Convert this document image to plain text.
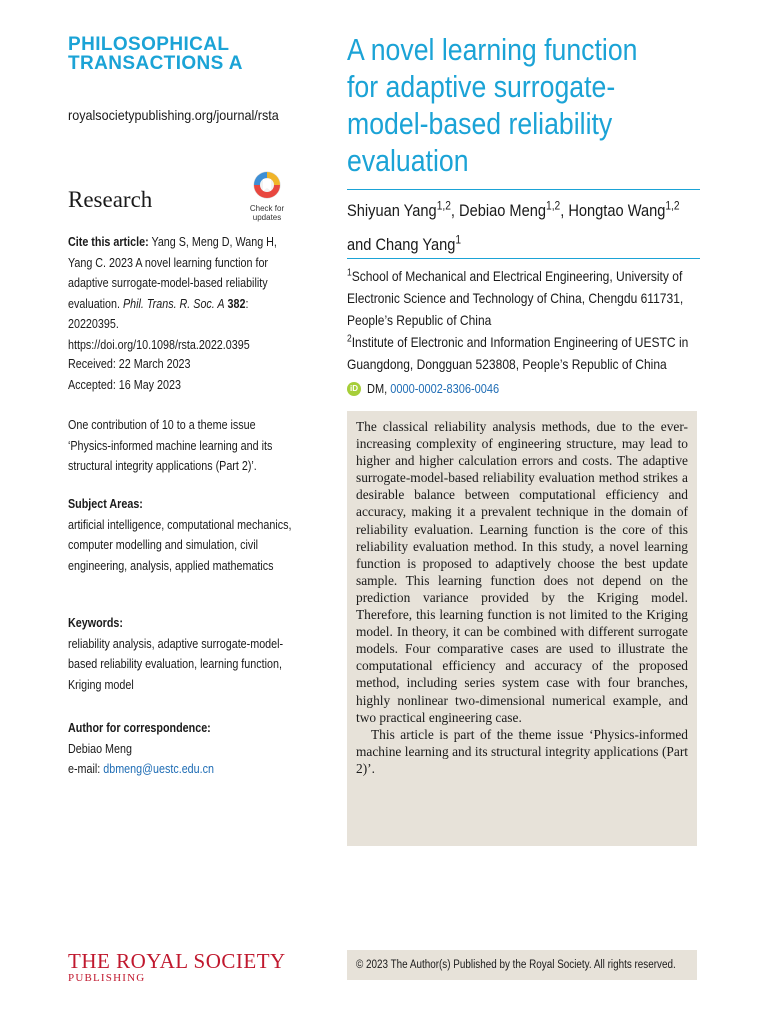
PHILOSOPHICAL
TRANSACTIONS A
royalsocietypublishing.org/journal/rsta
Research	Check for
updates
Cite this article: Yang S, Meng D, Wang H, Yang C. 2023 A novel learning function for adaptive surrogate-model-based reliability evaluation. Phil. Trans. R. Soc. A 382: 20220395. https://doi.org/10.1098/rsta.2022.0395
Received: 22 March 2023
Accepted: 16 May 2023
One contribution of 10 to a theme issue ‘Physics-informed machine learning and its structural integrity applications (Part 2)’.
Subject Areas:
artificial intelligence, computational mechanics, computer modelling and simulation, civil engineering, analysis, applied mathematics
Keywords:
reliability analysis, adaptive surrogate-model-based reliability evaluation, learning function, Kriging model
Author for correspondence:
Debiao Meng
e-mail: dbmeng@uestc.edu.cn
THE ROYAL SOCIETY
PUBLISHING
A novel learning function for adaptive surrogate-model-based reliability evaluation
Shiyuan Yang$^{1,2}$, Debiao Meng$^{1,2}$, Hongtao Wang$^{1,2}$
and Chang Yang$^1$
$^1$School of Mechanical and Electrical Engineering, University of Electronic Science and Technology of China, Chengdu 611731, People’s Republic of China
$^2$Institute of Electronic and Information Engineering of UESTC in Guangdong, Dongguan 523808, People’s Republic of China
iD DM, 0000-0002-8306-0046

The classical reliability analysis methods, due to the ever-increasing complexity of engineering structure, may lead to higher and higher calculation errors and costs. The adaptive surrogate-model-based reliability evaluation method strikes a desirable balance between computational efficiency and accuracy, making it a prevalent technique in the domain of reliability evaluation. Learning function is the core of this reliability evaluation method. In this study, a novel learning function is proposed to adaptively choose the best update sample. This learning function does not depend on the prediction variance provided by the Kriging model. Therefore, this learning function is not limited to the Kriging model. In theory, it can be combined with different surrogate models. Four comparative cases are used to illustrate the computational efficiency and accuracy of the proposed method, including series system case with four branches, highly nonlinear two-dimensional numerical example, and two practical engineering case.

This article is part of the theme issue ‘Physics-informed machine learning and its structural integrity applications (Part 2)’.

© 2023 The Author(s) Published by the Royal Society. All rights reserved.
